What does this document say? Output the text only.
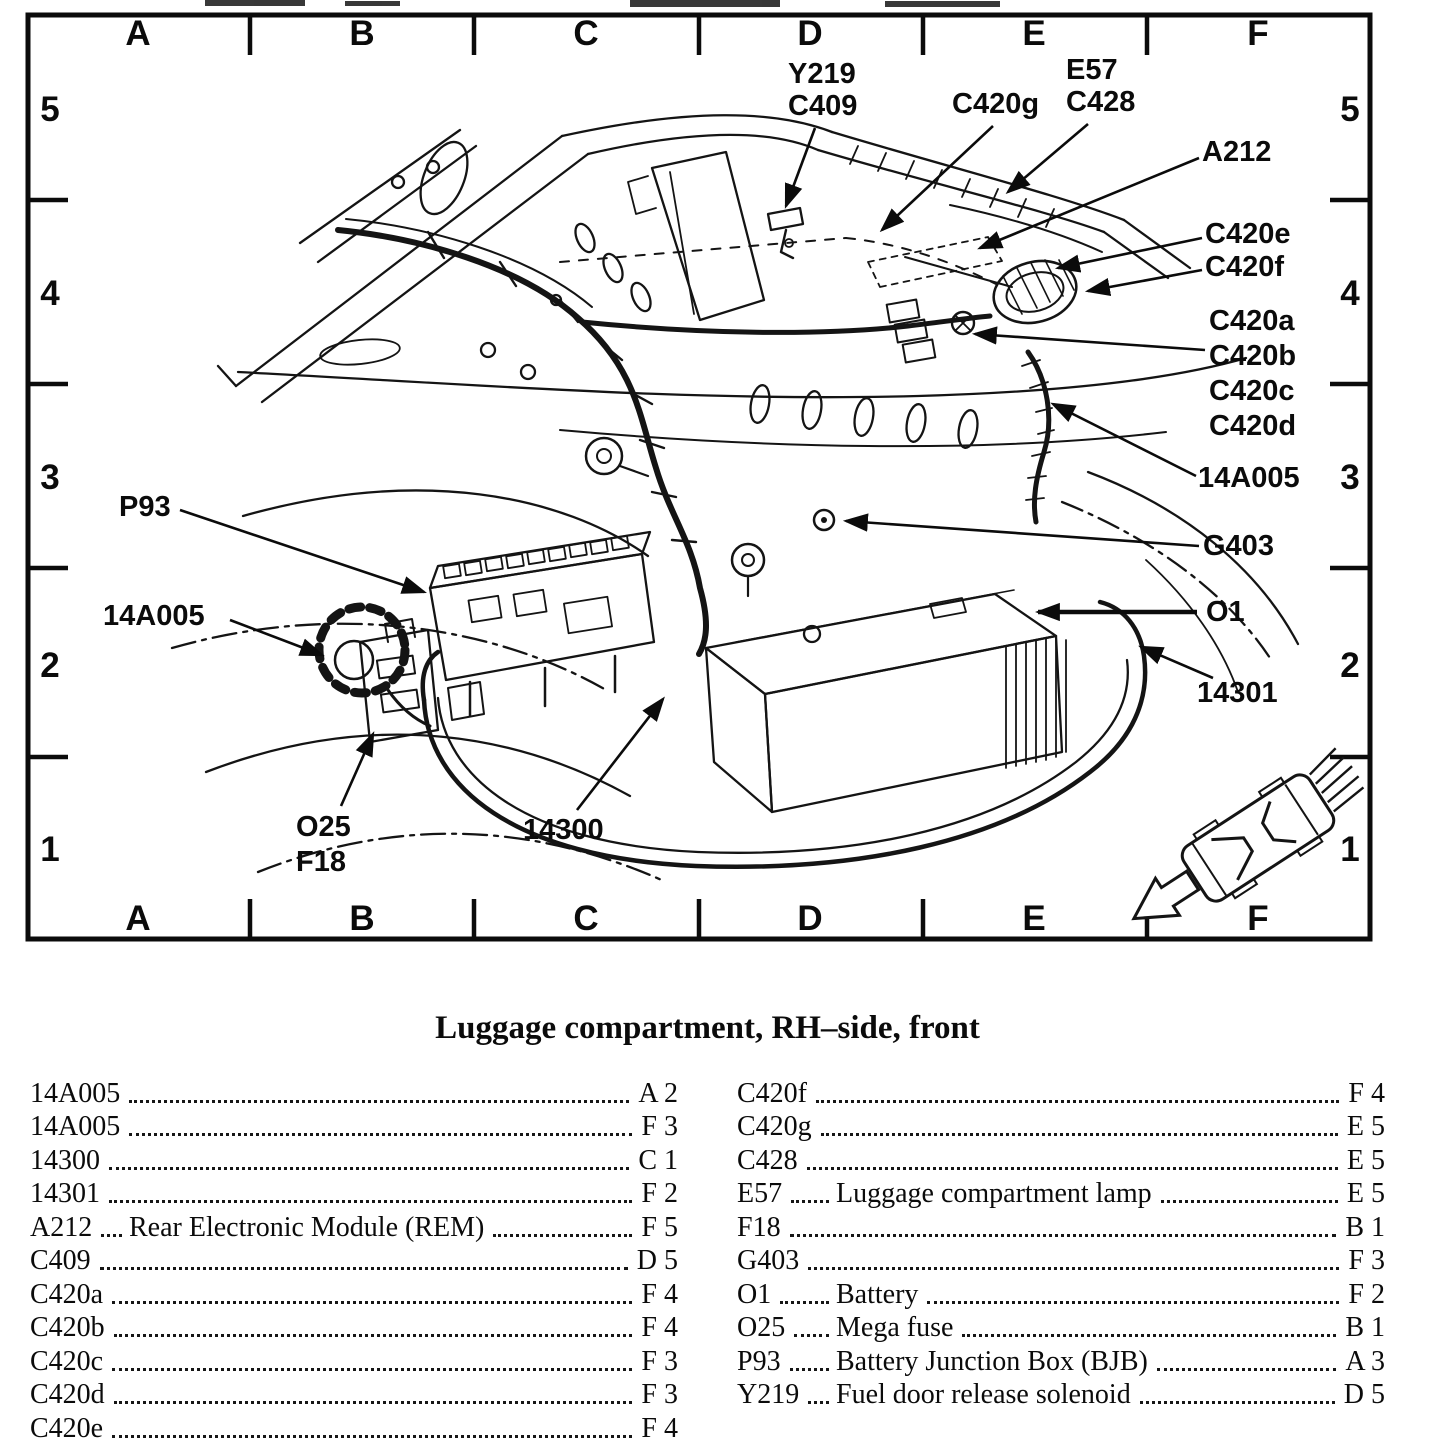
A	B	C	D	E	F
A	B	C	D	E	F
5
4
3
2
1
5
4
3
2
1
Y219
C409	C420g
E57
C428
A212
C420e
C420f
C420a
C420b
C420c
C420d
14A005
G403
O1
14301
P93
14A005
O25
F18
14300
Luggage compartment, RH–side, front
14A005	A 2
14A005	F 3
14300	C 1
14301	F 2
A212 Rear Electronic Module (REM)	F 5
C409	D 5
C420a	F 4
C420b	F 4
C420c	F 3
C420d	F 3
C420e	F 4
C420f	F 4
C420g	E 5
C428	E 5
E57 Luggage compartment lamp	E 5
F18	B 1
G403	F 3
O1 Battery	F 2
O25 Mega fuse	B 1
P93 Battery Junction Box (BJB)	A 3
Y219 Fuel door release solenoid	D 5
